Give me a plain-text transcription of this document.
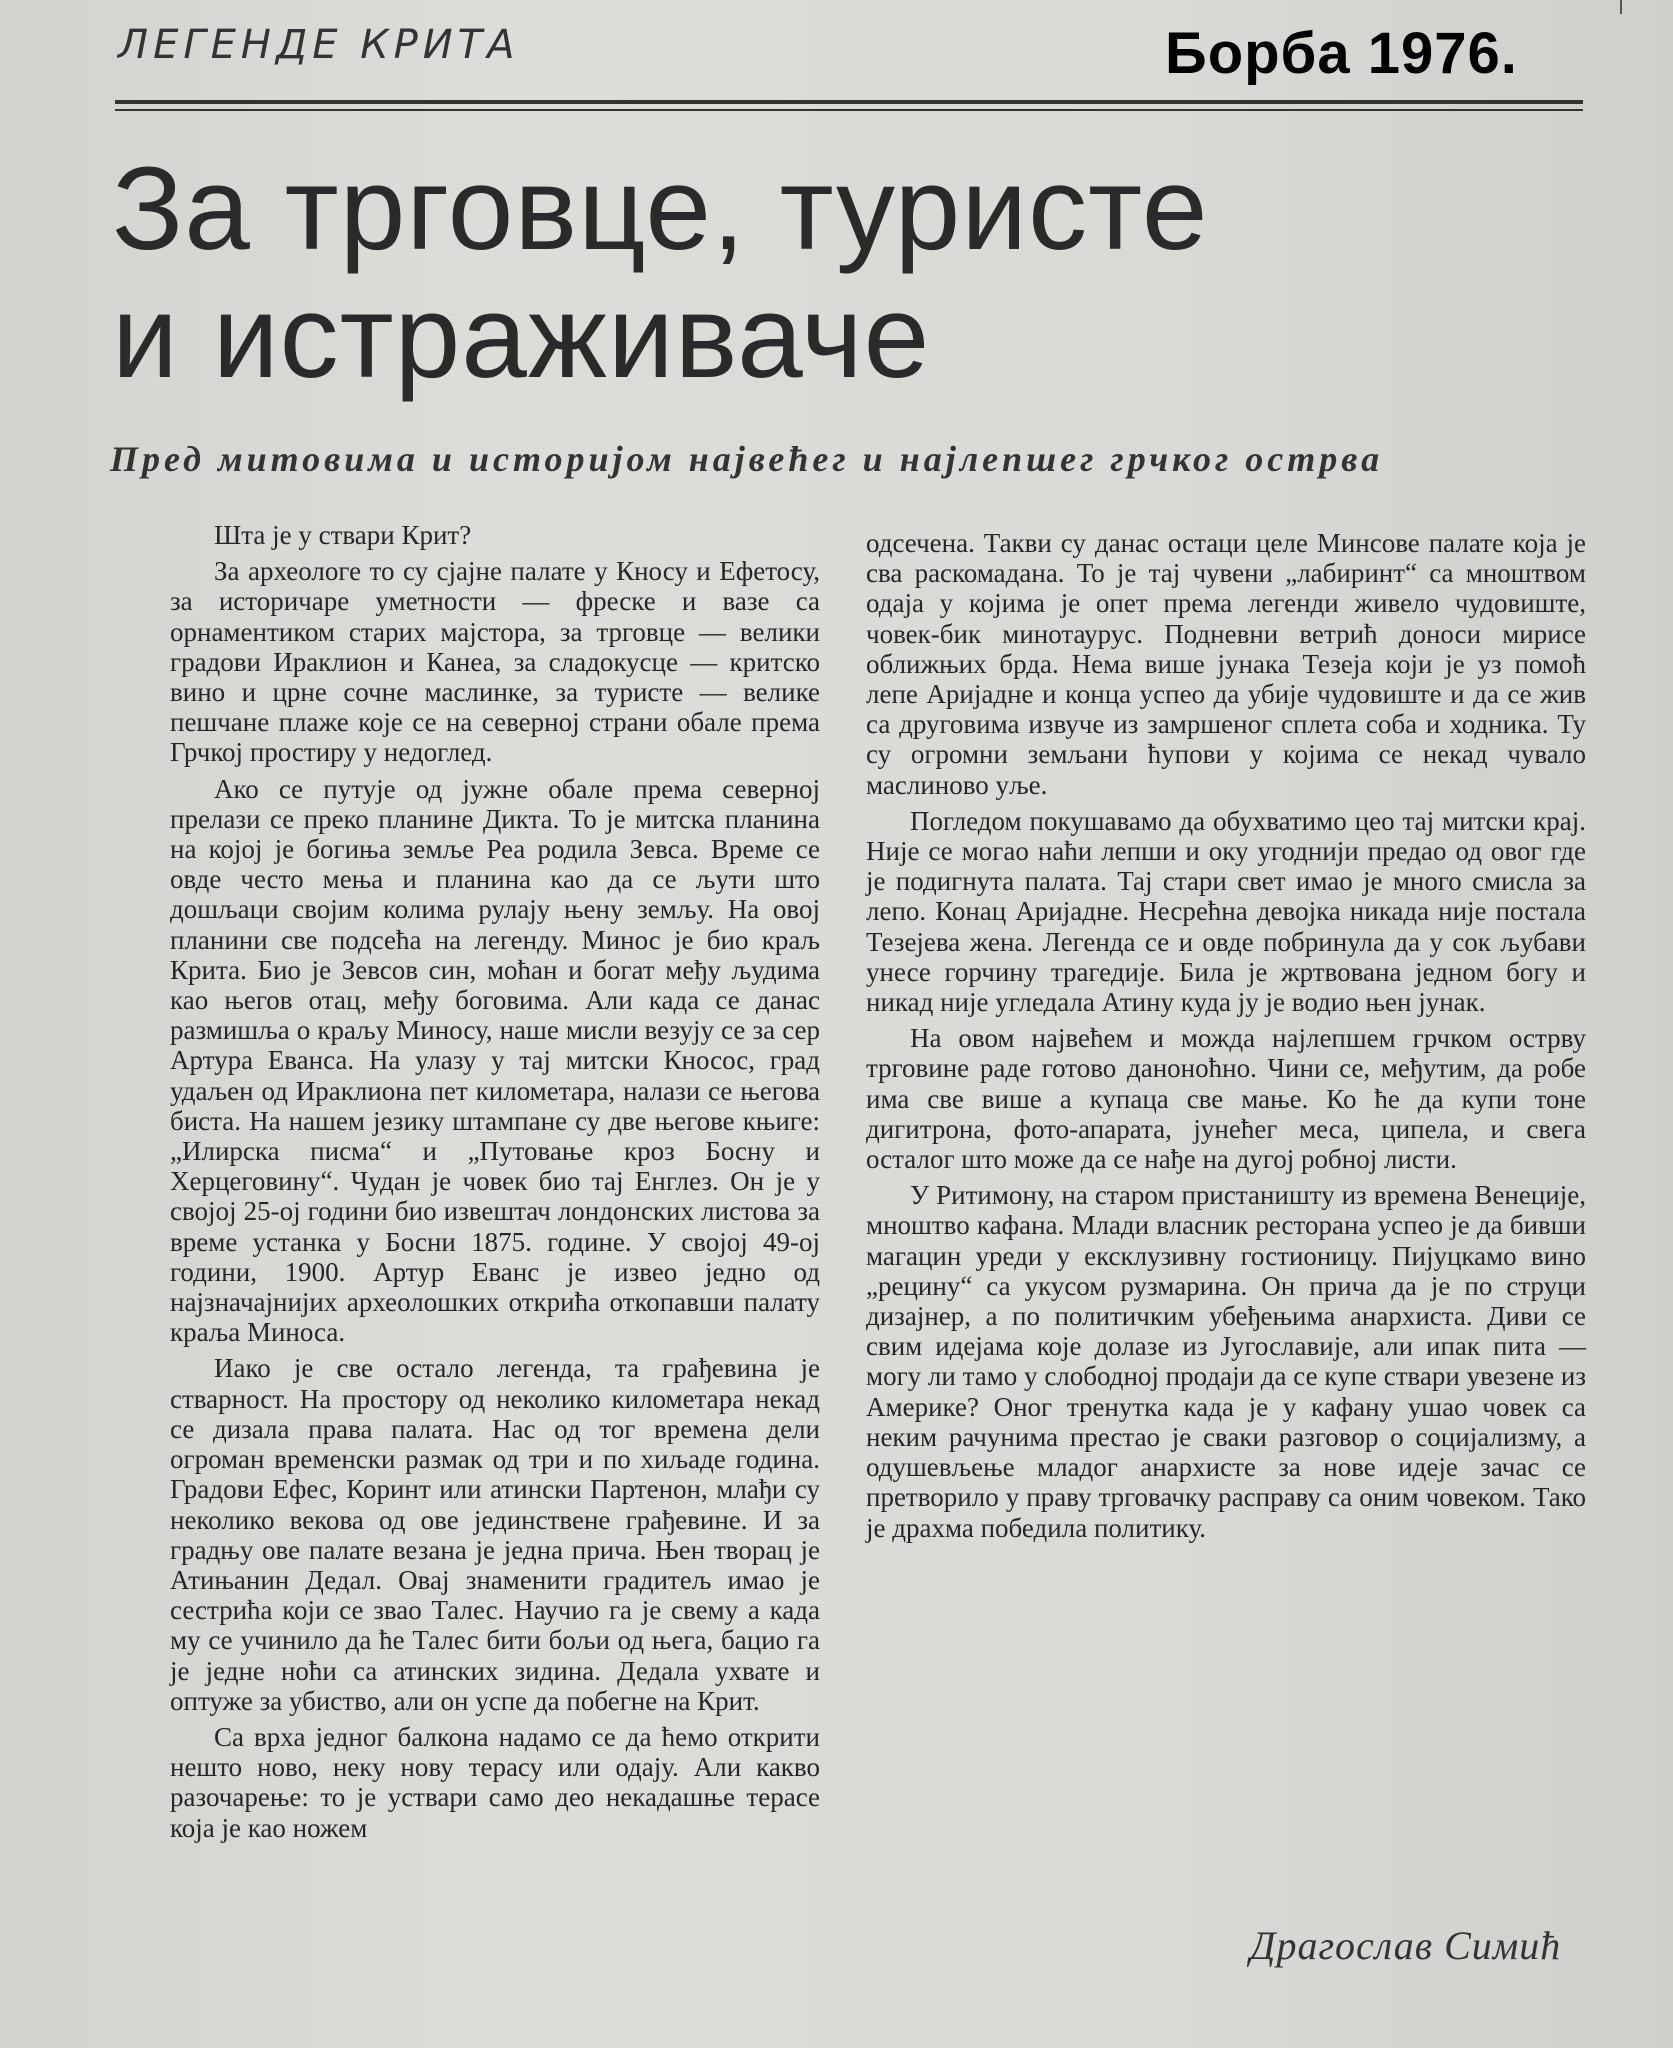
ЛЕГЕНДЕ КРИТА	Борба 1976.
За трговце, туристе
и истраживаче
Пред митовима и историјом највећег и најлепшег грчког острва

Шта је у ствари Крит?

За археологе то су сјајне палате у Кносу и Ефетосу, за историчаре уметности — фреске и вазе са орнаментиком старих мајстора, за трговце — велики градови Ираклион и Канеа, за сладокусце — критско вино и црне сочне маслинке, за туристе — велике пешчане плаже које се на северној страни обале према Грчкој простиру у недоглед.

Ако се путује од јужне обале према северној прелази се преко планине Дикта. То је митска планина на којој је богиња земље Реа родила Зевса. Време се овде често мења и планина као да се љути што дошљаци својим колима рулају њену земљу. На овој планини све подсећа на легенду. Минос је био краљ Крита. Био је Зевсов син, моћан и богат међу људима као његов отац, међу боговима. Али када се данас размишља о краљу Миносу, наше мисли везују се за сер Артура Еванса. На улазу у тај митски Кносос, град удаљен од Ираклиона пет километара, налази се његова биста. На нашем језику штампане су две његове књиге: „Илирска писма“ и „Путовање кроз Босну и Херцеговину“. Чудан је човек био тај Енглез. Он је у својој 25-ој години био извештач лондонских листова за време устанка у Босни 1875. године. У својој 49-ој години, 1900. Артур Еванс је извео једно од најзначајнијих археолошких открића откопавши палату краља Миноса.

Иако је све остало легенда, та грађевина је стварност. На простору од неколико километара некад се дизала права палата. Нас од тог времена дели огроман временски размак од три и по хиљаде година. Градови Ефес, Коринт или атински Партенон, млађи су неколико векова од ове јединствене грађевине. И за градњу ове палате везана је једна прича. Њен творац је Атињанин Дедал. Овај знаменити градитељ имао је сестрића који се звао Талес. Научио га је свему а када му се учинило да ће Талес бити бољи од њега, бацио га је једне ноћи са атинских зидина. Дедала ухвате и оптуже за убиство, али он успе да побегне на Крит.

Са врха једног балкона надамо се да ћемо открити нешто ново, неку нову терасу или одају. Али какво разочарење: то је уствари само део некадашње терасе која је као ножем

одсечена. Такви су данас остаци целе Минсове палате која је сва раскомадана. То је тај чувени „лабиринт“ са мноштвом одаја у којима је опет према легенди живело чудовиште, човек-бик минотаурус. Подневни ветрић доноси мирисе оближњих брда. Нема више јунака Тезеја који је уз помоћ лепе Аријадне и конца успео да убије чудовиште и да се жив са друговима извуче из замршеног сплета соба и ходника. Ту су огромни земљани ћупови у којима се некад чувало маслиново уље.

Погледом покушавамо да обухватимо цео тај митски крај. Није се могао наћи лепши и оку угоднији предао од овог где је подигнута палата. Тај стари свет имао је много смисла за лепо. Конац Аријадне. Несрећна девојка никада није постала Тезејева жена. Легенда се и овде побринула да у сок љубави унесе горчину трагедије. Била је жртвована једном богу и никад није угледала Атину куда ју је водио њен јунак.

На овом највећем и можда најлепшем грчком острву трговине раде готово даноноћно. Чини се, међутим, да робе има све више а купаца све мање. Ко ће да купи тоне дигитрона, фото-апарата, јунећег меса, ципела, и свега осталог што може да се нађе на дугој робној листи.

У Ритимону, на старом пристаништу из времена Венеције, мноштво кафана. Млади власник ресторана успео је да бивши магацин уреди у ексклузивну гостионицу. Пијуцкамо вино „рецину“ са укусом рузмарина. Он прича да је по струци дизајнер, а по политичким убеђењима анархиста. Диви се свим идејама које долазе из Југославије, али ипак пита — могу ли тамо у слободној продаји да се купе ствари увезене из Америке? Оног тренутка када је у кафану ушао човек са неким рачунима престао је сваки разговор о социјализму, а одушевљење младог анархисте за нове идеје зачас се претворило у праву трговачку расправу са оним човеком. Тако је драхма победила политику.

Драгослав Симић
